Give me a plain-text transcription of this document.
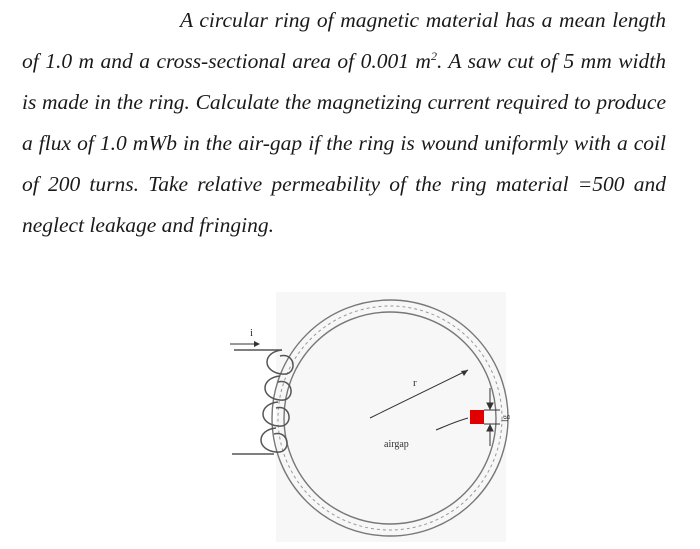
A circular ring of magnetic material has a mean length of 1.0 m and a cross-sectional area of 0.001 $m^2$. A saw cut of 5 mm width is made in the ring. Calculate the magnetizing current required to produce a flux of 1.0 mWb in the air-gap if the ring is wound uniformly with a coil of 200 turns. Take relative permeability of the ring material =500 and neglect leakage and fringing.

i
r
airgap
lg
